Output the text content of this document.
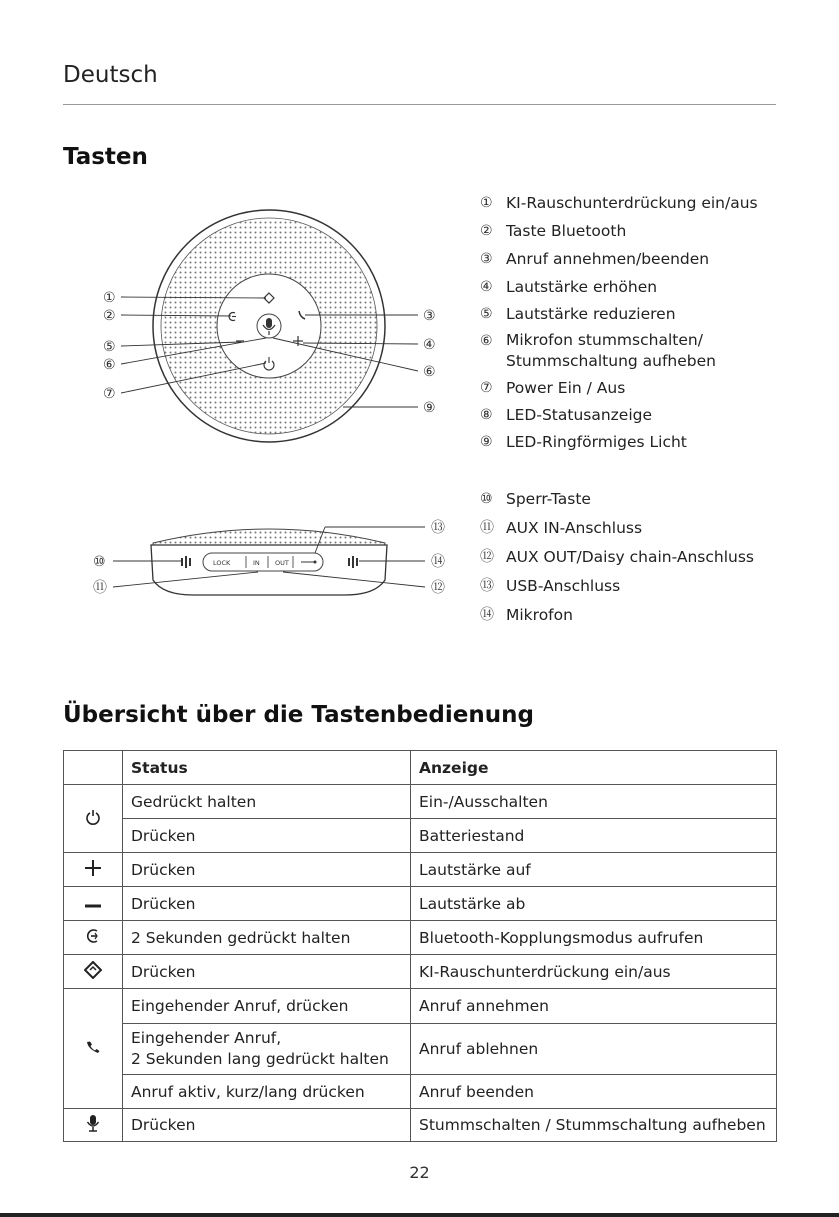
Deutsch
Tasten
①
②
⑤
⑥
⑦
③
④
⑥
⑨
LOCK	IN OUT
⑬
⑩	⑭
⑪	⑫
① KI-Rauschunterdrückung ein/aus
② Taste Bluetooth
③ Anruf annehmen/beenden
④ Lautstärke erhöhen
⑤ Lautstärke reduzieren
⑥ Mikrofon stummschalten/
Stummschaltung aufheben
⑦ Power Ein / Aus
⑧ LED-Statusanzeige
⑨ LED-Ringförmiges Licht
⑩ Sperr-Taste
⑪ AUX IN-Anschluss
⑫ AUX OUT/Daisy chain-Anschluss
⑬ USB-Anschluss
⑭ Mikrofon
Übersicht über die Tastenbedienung
	Status	Anzeige
	Gedrückt halten	Ein-/Ausschalten
	Drücken	Batteriestand
	Drücken	Lautstärke auf
	Drücken	Lautstärke ab
	2 Sekunden gedrückt halten	Bluetooth-Kopplungsmodus aufrufen
	Drücken	KI-Rauschunterdrückung ein/aus
	Eingehender Anruf, drücken	Anruf annehmen

	Eingehender Anruf,
2 Sekunden lang gedrückt halten	Anruf ablehnen
	Anruf aktiv, kurz/lang drücken	Anruf beenden
	Drücken	Stummschalten / Stummschaltung aufheben
22
